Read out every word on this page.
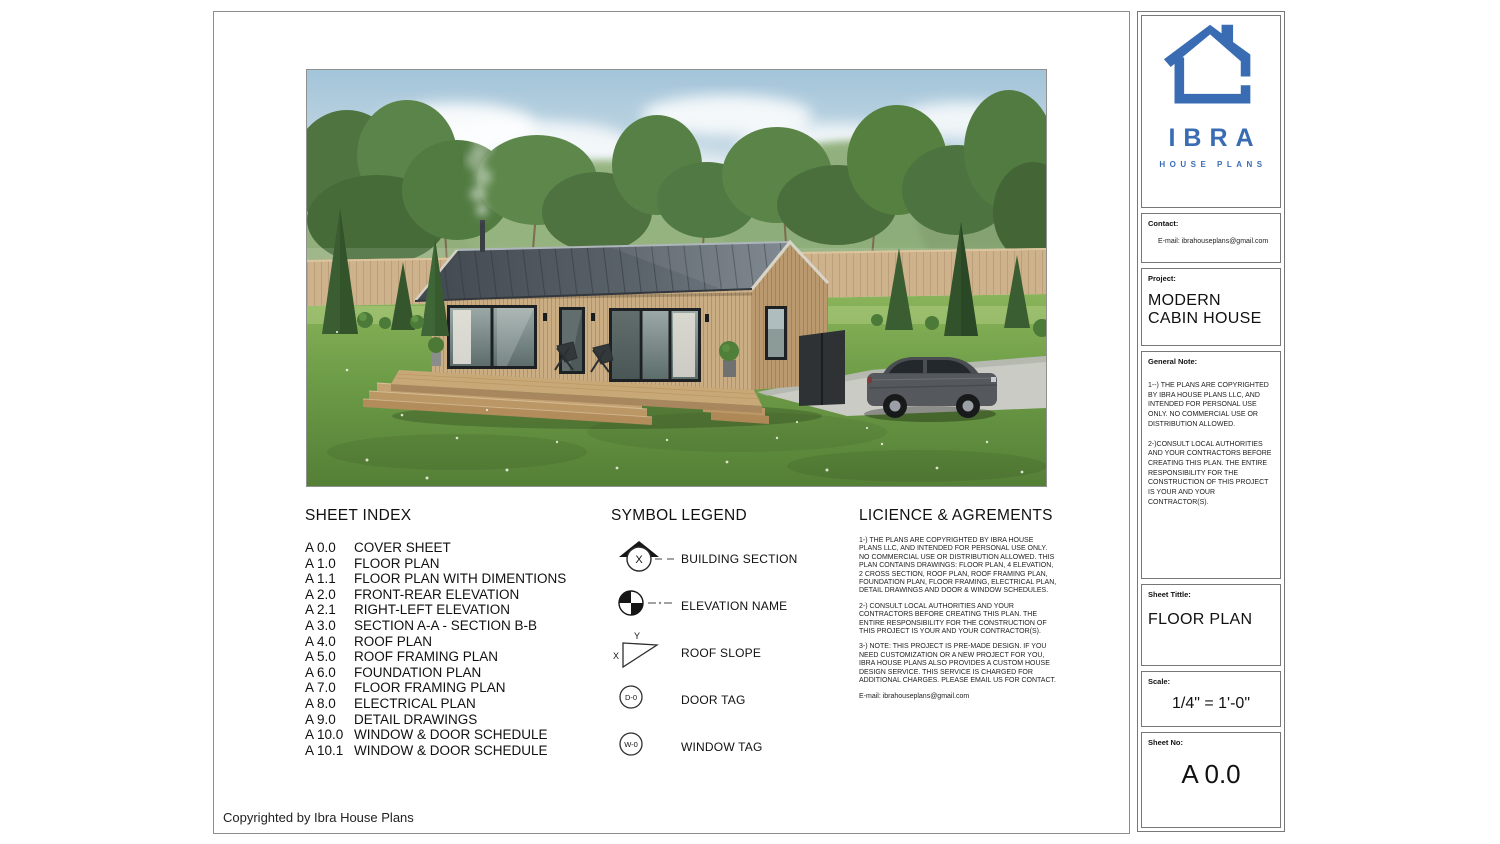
SHEET INDEX
A 0.0	COVER SHEET
A 1.0	FLOOR PLAN
A 1.1	FLOOR PLAN WITH DIMENTIONS
A 2.0	FRONT-REAR ELEVATION
A 2.1	RIGHT-LEFT ELEVATION
A 3.0	SECTION A-A - SECTION B-B
A 4.0	ROOF PLAN
A 5.0	ROOF FRAMING PLAN
A 6.0	FOUNDATION PLAN
A 7.0	FLOOR FRAMING PLAN
A 8.0	ELECTRICAL PLAN
A 9.0	DETAIL DRAWINGS
A 10.0 WINDOW & DOOR SCHEDULE
A 10.1 WINDOW & DOOR SCHEDULE
SYMBOL LEGEND
X	BUILDING SECTION
ELEVATION NAME
Y
X	ROOF SLOPE
D-0	DOOR TAG
W-0	WINDOW TAG
LICIENCE & AGREMENTS

1-) THE PLANS ARE COPYRIGHTED BY IBRA HOUSE PLANS LLC, AND INTENDED FOR PERSONAL USE ONLY. NO COMMERCIAL USE OR DISTRIBUTION ALLOWED. THIS PLAN CONTAINS DRAWINGS: FLOOR PLAN, 4 ELEVATION, 2 CROSS SECTION, ROOF PLAN, ROOF FRAMING PLAN, FOUNDATION PLAN, FLOOR FRAMING, ELECTRICAL PLAN, DETAIL DRAWINGS AND DOOR & WINDOW SCHEDULES.

2-) CONSULT LOCAL AUTHORITIES AND YOUR CONTRACTORS BEFORE CREATING THIS PLAN. THE ENTIRE RESPONSIBILITY FOR THE CONSTRUCTION OF THIS PROJECT IS YOUR AND YOUR CONTRACTOR(S).

3-) NOTE: THIS PROJECT IS PRE-MADE DESIGN. IF YOU NEED CUSTOMIZATION OR A NEW PROJECT FOR YOU, IBRA HOUSE PLANS ALSO PROVIDES A CUSTOM HOUSE DESIGN SERVICE. THIS SERVICE IS CHARGED FOR ADDITIONAL CHARGES. PLEASE EMAIL US FOR CONTACT.

E-mail: ibrahouseplans@gmail.com

Copyrighted by Ibra House Plans
IBRA
HOUSE PLANS
Contact:
E-mail: ibrahouseplans@gmail.com
Project:
MODERN CABIN HOUSE
General Note:

1--) THE PLANS ARE COPYRIGHTED BY IBRA HOUSE PLANS LLC, AND INTENDED FOR PERSONAL USE ONLY. NO COMMERCIAL USE OR DISTRIBUTION ALLOWED.

2-)CONSULT LOCAL AUTHORITIES AND YOUR CONTRACTORS BEFORE CREATING THIS PLAN. THE ENTIRE RESPONSIBILITY FOR THE CONSTRUCTION OF THIS PROJECT IS YOUR AND YOUR CONTRACTOR(S).

Sheet Tittle:
FLOOR PLAN
Scale:
1/4" = 1'-0"
Sheet No:
A 0.0
